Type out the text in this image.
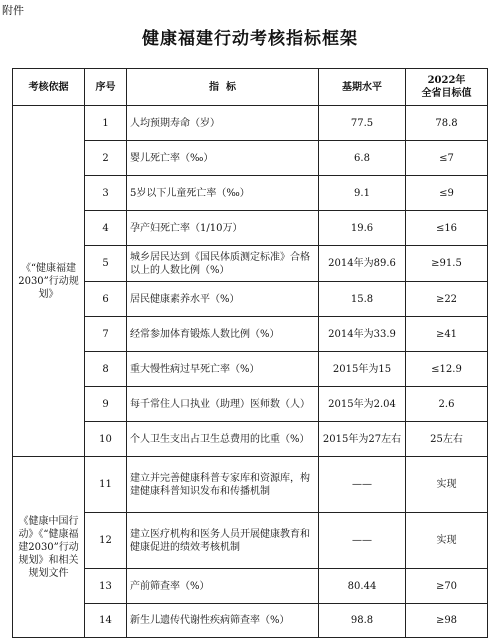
附件
健康福建行动考核指标框架
考核依据	序号	指  标	基期水平	2022年
全省目标值

《“健康福建2030”行动规划》	1	人均预期寿命（岁）	77.5	78.8
	2	婴儿死亡率（‰）	6.8	≤7
	3	5岁以下儿童死亡率（‰）	9.1	≤9
	4	孕产妇死亡率（1/10万）	19.6	≤16
	5	城乡居民达到《国民体质测定标准》合格以上的人数比例（%）	2014年为89.6	≥91.5
	6	居民健康素养水平（%）	15.8	≥22
	7	经常参加体育锻炼人数比例（%）	2014年为33.9	≥41
	8	重大慢性病过早死亡率（%）	2015年为15	≤12.9
	9	每千常住人口执业（助理）医师数（人）	2015年为2.04	2.6
	10	个人卫生支出占卫生总费用的比重（%）	2015年为27左右	25左右
《健康中国行动》《“健康福建2030”行动规划》和相关规划文件	11	建立并完善健康科普专家库和资源库，构建健康科普知识发布和传播机制	——	实现
	12	建立医疗机构和医务人员开展健康教育和健康促进的绩效考核机制	——	实现
	13	产前筛查率（%）	80.44	≥70
	14	新生儿遗传代谢性疾病筛查率（%）	98.8	≥98
